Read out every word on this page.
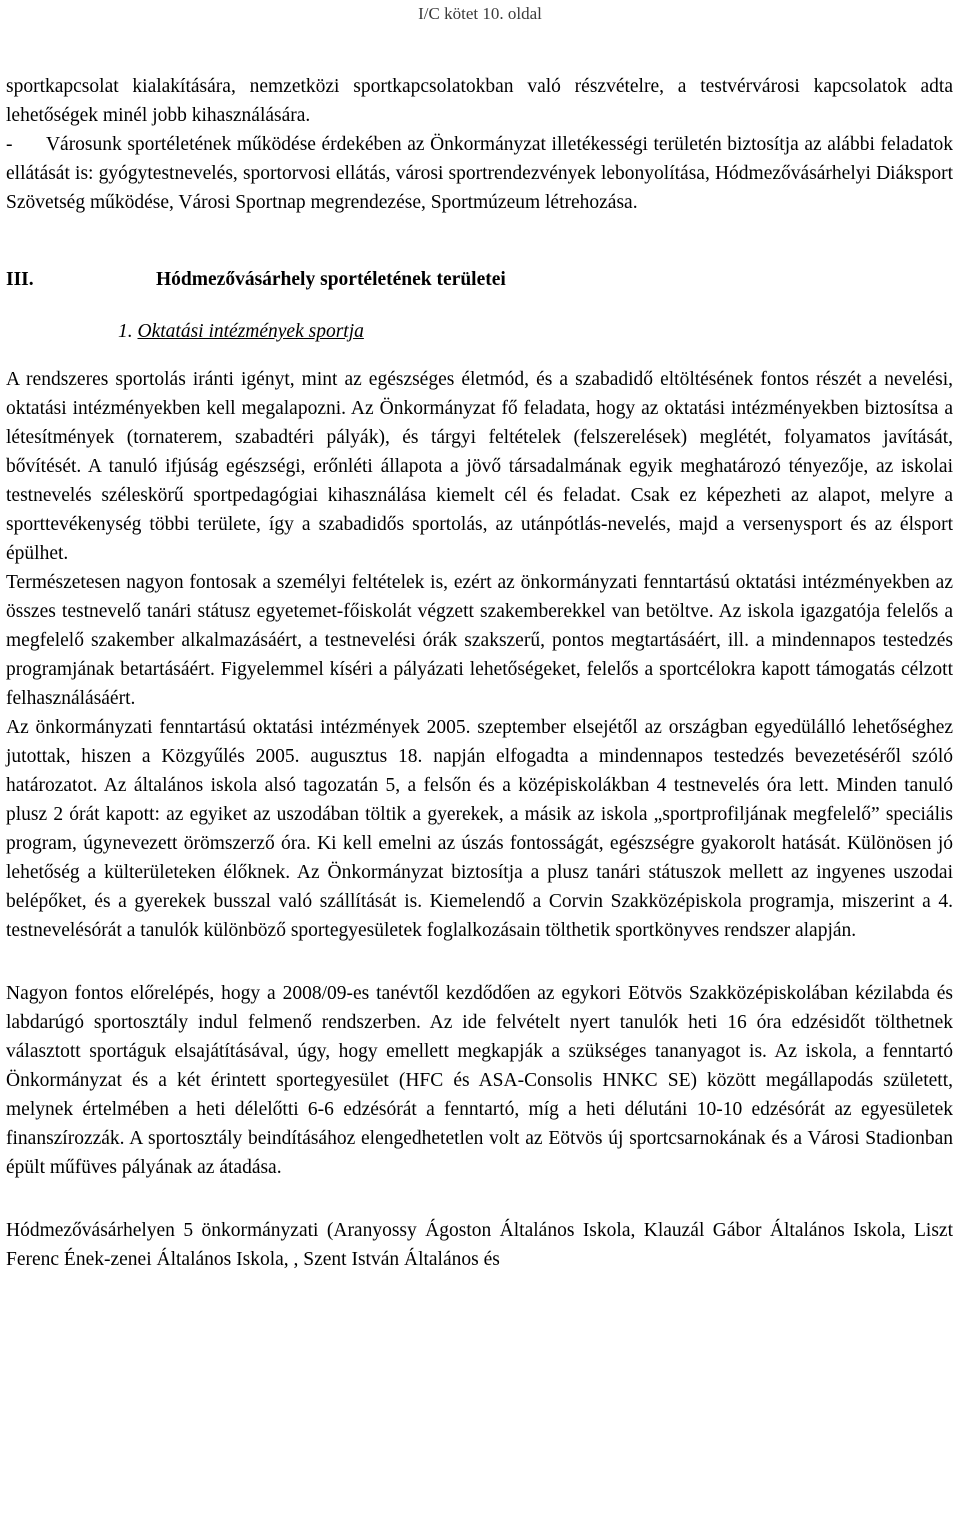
I/C kötet 10. oldal

sportkapcsolat kialakítására, nemzetközi sportkapcsolatokban való részvételre, a testvérvárosi kapcsolatok adta lehetőségek minél jobb kihasználására.

- Városunk sportéletének működése érdekében az Önkormányzat illetékességi területén biztosítja az alábbi feladatok ellátását is: gyógytestnevelés, sportorvosi ellátás, városi sportrendezvények lebonyolítása, Hódmezővásárhelyi Diáksport Szövetség működése, Városi Sportnap megrendezése, Sportmúzeum létrehozása.

III.	Hódmezővásárhely sportéletének területei
1. Oktatási intézmények sportja

A rendszeres sportolás iránti igényt, mint az egészséges életmód, és a szabadidő eltöltésének fontos részét a nevelési, oktatási intézményekben kell megalapozni. Az Önkormányzat fő feladata, hogy az oktatási intézményekben biztosítsa a létesítmények (tornaterem, szabadtéri pályák), és tárgyi feltételek (felszerelések) meglétét, folyamatos javítását, bővítését. A tanuló ifjúság egészségi, erőnléti állapota a jövő társadalmának egyik meghatározó tényezője, az iskolai testnevelés széleskörű sportpedagógiai kihasználása kiemelt cél és feladat. Csak ez képezheti az alapot, melyre a sporttevékenység többi területe, így a szabadidős sportolás, az utánpótlás-nevelés, majd a versenysport és az élsport épülhet.

Természetesen nagyon fontosak a személyi feltételek is, ezért az önkormányzati fenntartású oktatási intézményekben az összes testnevelő tanári státusz egyetemet-főiskolát végzett szakemberekkel van betöltve. Az iskola igazgatója felelős a megfelelő szakember alkalmazásáért, a testnevelési órák szakszerű, pontos megtartásáért, ill. a mindennapos testedzés programjának betartásáért. Figyelemmel kíséri a pályázati lehetőségeket, felelős a sportcélokra kapott támogatás célzott felhasználásáért.

Az önkormányzati fenntartású oktatási intézmények 2005. szeptember elsejétől az országban egyedülálló lehetőséghez jutottak, hiszen a Közgyűlés 2005. augusztus 18. napján elfogadta a mindennapos testedzés bevezetéséről szóló határozatot. Az általános iskola alsó tagozatán 5, a felsőn és a középiskolákban 4 testnevelés óra lett. Minden tanuló plusz 2 órát kapott: az egyiket az uszodában töltik a gyerekek, a másik az iskola „sportprofiljának megfelelő” speciális program, úgynevezett örömszerző óra. Ki kell emelni az úszás fontosságát, egészségre gyakorolt hatását. Különösen jó lehetőség a külterületeken élőknek. Az Önkormányzat biztosítja a plusz tanári státuszok mellett az ingyenes uszodai belépőket, és a gyerekek busszal való szállítását is. Kiemelendő a Corvin Szakközépiskola programja, miszerint a 4. testnevelésórát a tanulók különböző sportegyesületek foglalkozásain tölthetik sportkönyves rendszer alapján.

Nagyon fontos előrelépés, hogy a 2008/09-es tanévtől kezdődően az egykori Eötvös Szakközépiskolában kézilabda és labdarúgó sportosztály indul felmenő rendszerben. Az ide felvételt nyert tanulók heti 16 óra edzésidőt tölthetnek választott sportáguk elsajátításával, úgy, hogy emellett megkapják a szükséges tananyagot is. Az iskola, a fenntartó Önkormányzat és a két érintett sportegyesület (HFC és ASA-Consolis HNKC SE) között megállapodás született, melynek értelmében a heti délelőtti 6-6 edzésórát a fenntartó, míg a heti délutáni 10-10 edzésórát az egyesületek finanszírozzák. A sportosztály beindításához elengedhetetlen volt az Eötvös új sportcsarnokának és a Városi Stadionban épült műfüves pályának az átadása.

Hódmezővásárhelyen 5 önkormányzati (Aranyossy Ágoston Általános Iskola, Klauzál Gábor Általános Iskola, Liszt Ferenc Ének-zenei Általános Iskola, , Szent István Általános és
